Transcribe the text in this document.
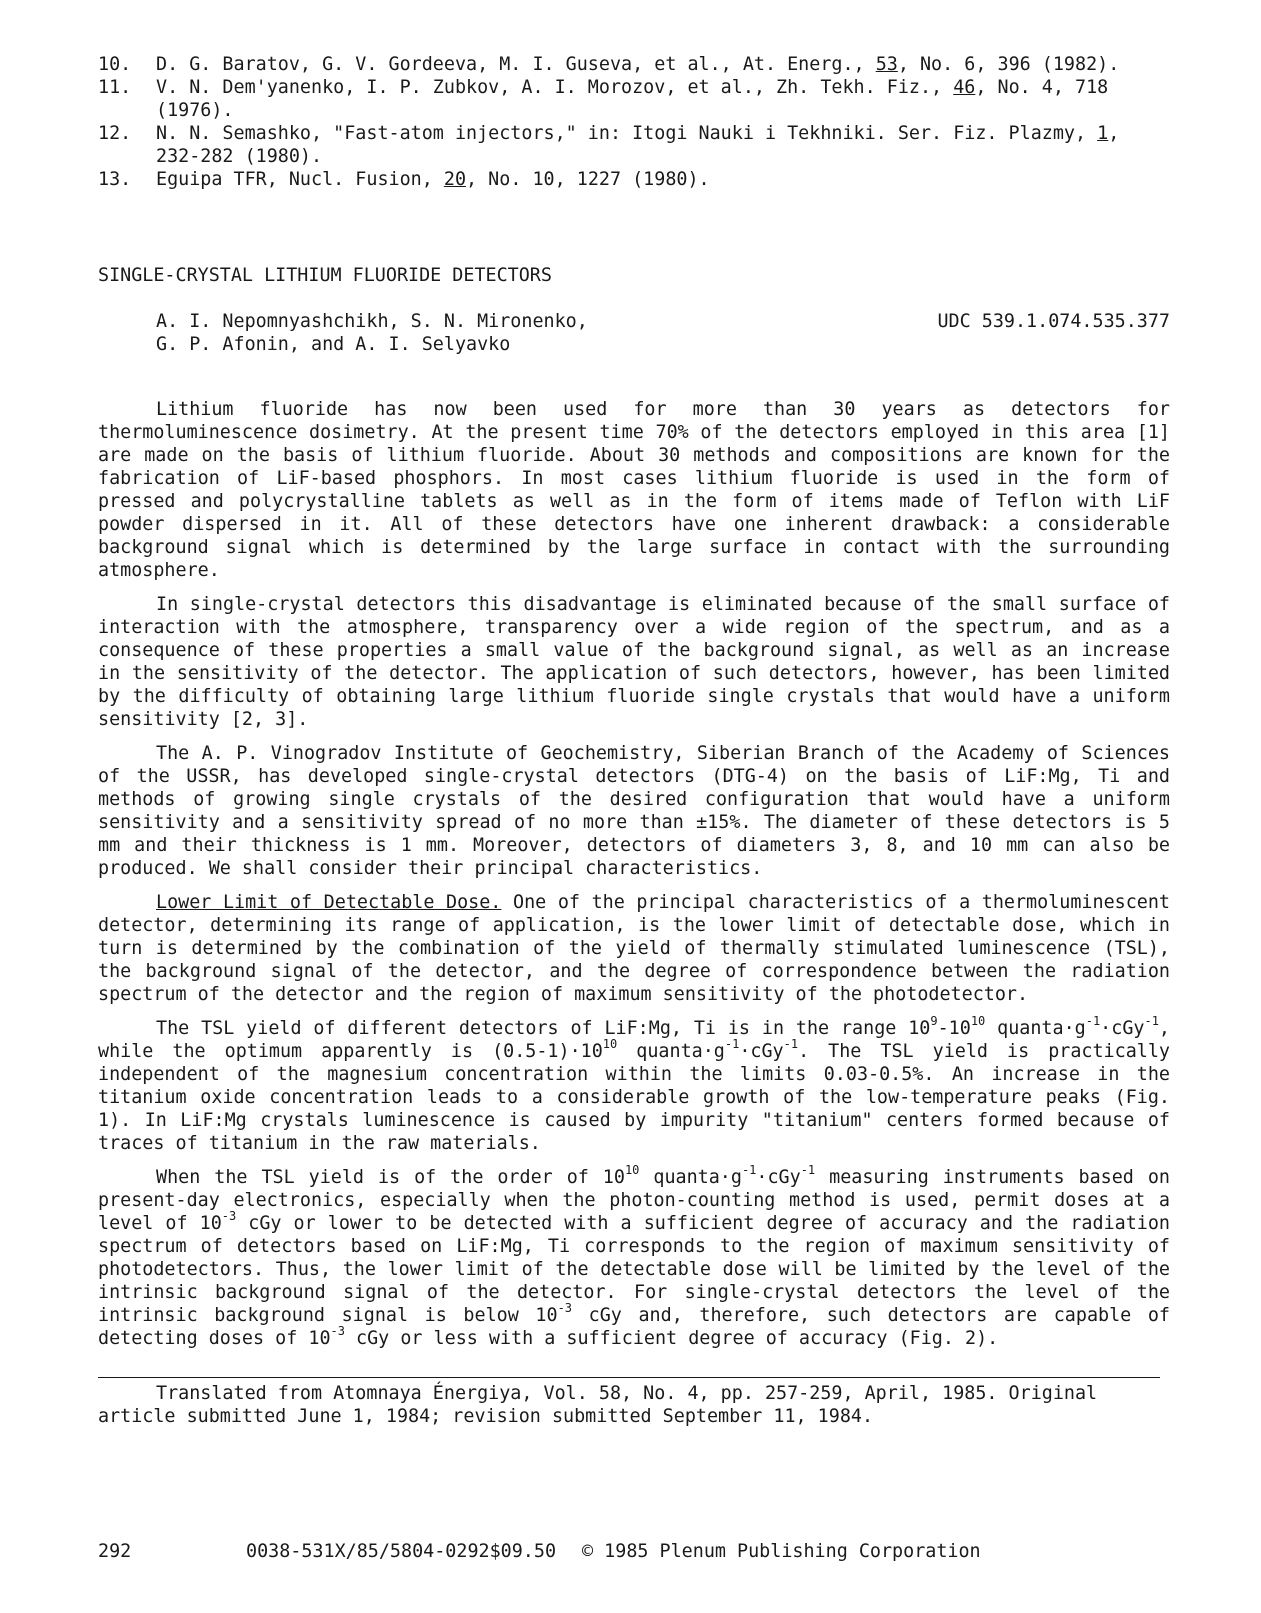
10.	D. G. Baratov, G. V. Gordeeva, M. I. Guseva, et al., At. Energ., 53, No. 6, 396 (1982).
11.	V. N. Dem'yanenko, I. P. Zubkov, A. I. Morozov, et al., Zh. Tekh. Fiz., 46, No. 4, 718 (1976).
12.	N. N. Semashko, "Fast-atom injectors," in: Itogi Nauki i Tekhniki. Ser. Fiz. Plazmy, 1, 232-282 (1980).
13.	Eguipa TFR, Nucl. Fusion, 20, No. 10, 1227 (1980).
SINGLE-CRYSTAL LITHIUM FLUORIDE DETECTORS
A. I. Nepomnyashchikh, S. N. Mironenko,
G. P. Afonin, and A. I. Selyavko
UDC 539.1.074.535.377

Lithium fluoride has now been used for more than 30 years as detectors for thermoluminescence dosimetry. At the present time 70% of the detectors employed in this area [1] are made on the basis of lithium fluoride. About 30 methods and compositions are known for the fabrication of LiF-based phosphors. In most cases lithium fluoride is used in the form of pressed and polycrystalline tablets as well as in the form of items made of Teflon with LiF powder dispersed in it. All of these detectors have one inherent drawback: a considerable background signal which is determined by the large surface in contact with the surrounding atmosphere.

In single-crystal detectors this disadvantage is eliminated because of the small surface of interaction with the atmosphere, transparency over a wide region of the spectrum, and as a consequence of these properties a small value of the background signal, as well as an increase in the sensitivity of the detector. The application of such detectors, however, has been limited by the difficulty of obtaining large lithium fluoride single crystals that would have a uniform sensitivity [2, 3].

The A. P. Vinogradov Institute of Geochemistry, Siberian Branch of the Academy of Sciences of the USSR, has developed single-crystal detectors (DTG-4) on the basis of LiF:Mg, Ti and methods of growing single crystals of the desired configuration that would have a uniform sensitivity and a sensitivity spread of no more than ±15%. The diameter of these detectors is 5 mm and their thickness is 1 mm. Moreover, detectors of diameters 3, 8, and 10 mm can also be produced. We shall consider their principal characteristics.

Lower Limit of Detectable Dose. One of the principal characteristics of a thermoluminescent detector, determining its range of application, is the lower limit of detectable dose, which in turn is determined by the combination of the yield of thermally stimulated luminescence (TSL), the background signal of the detector, and the degree of correspondence between the radiation spectrum of the detector and the region of maximum sensitivity of the photodetector.

The TSL yield of different detectors of LiF:Mg, Ti is in the range $10^9-10^{10}$ $quanta\cdot g^{-1}\cdot cGy^{-1}$, while the optimum apparently is $(0.5-1)\cdot 10^{10}$ $quanta\cdot g^{-1}\cdot cGy^{-1}$. The TSL yield is practically independent of the magnesium concentration within the limits 0.03-0.5%. An increase in the titanium oxide concentration leads to a considerable growth of the low-temperature peaks (Fig. 1). In LiF:Mg crystals luminescence is caused by impurity "titanium" centers formed because of traces of titanium in the raw materials.

When the TSL yield is of the order of $10^{10}$ $quanta\cdot g^{-1}\cdot cGy^{-1}$ measuring instruments based on present-day electronics, especially when the photon-counting method is used, permit doses at a level of $10^{-3}$ cGy or lower to be detected with a sufficient degree of accuracy and the radiation spectrum of detectors based on LiF:Mg, Ti corresponds to the region of maximum sensitivity of photodetectors. Thus, the lower limit of the detectable dose will be limited by the level of the intrinsic background signal of the detector. For single-crystal detectors the level of the intrinsic background signal is below $10^{-3}$ cGy and, therefore, such detectors are capable of detecting doses of $10^{-3}$ cGy or less with a sufficient degree of accuracy (Fig. 2).

Translated from Atomnaya Énergiya, Vol. 58, No. 4, pp. 257-259, April, 1985. Original article submitted June 1, 1984; revision submitted September 11, 1984.
292	0038-531X/85/5804-0292$09.50 © 1985 Plenum Publishing Corporation
